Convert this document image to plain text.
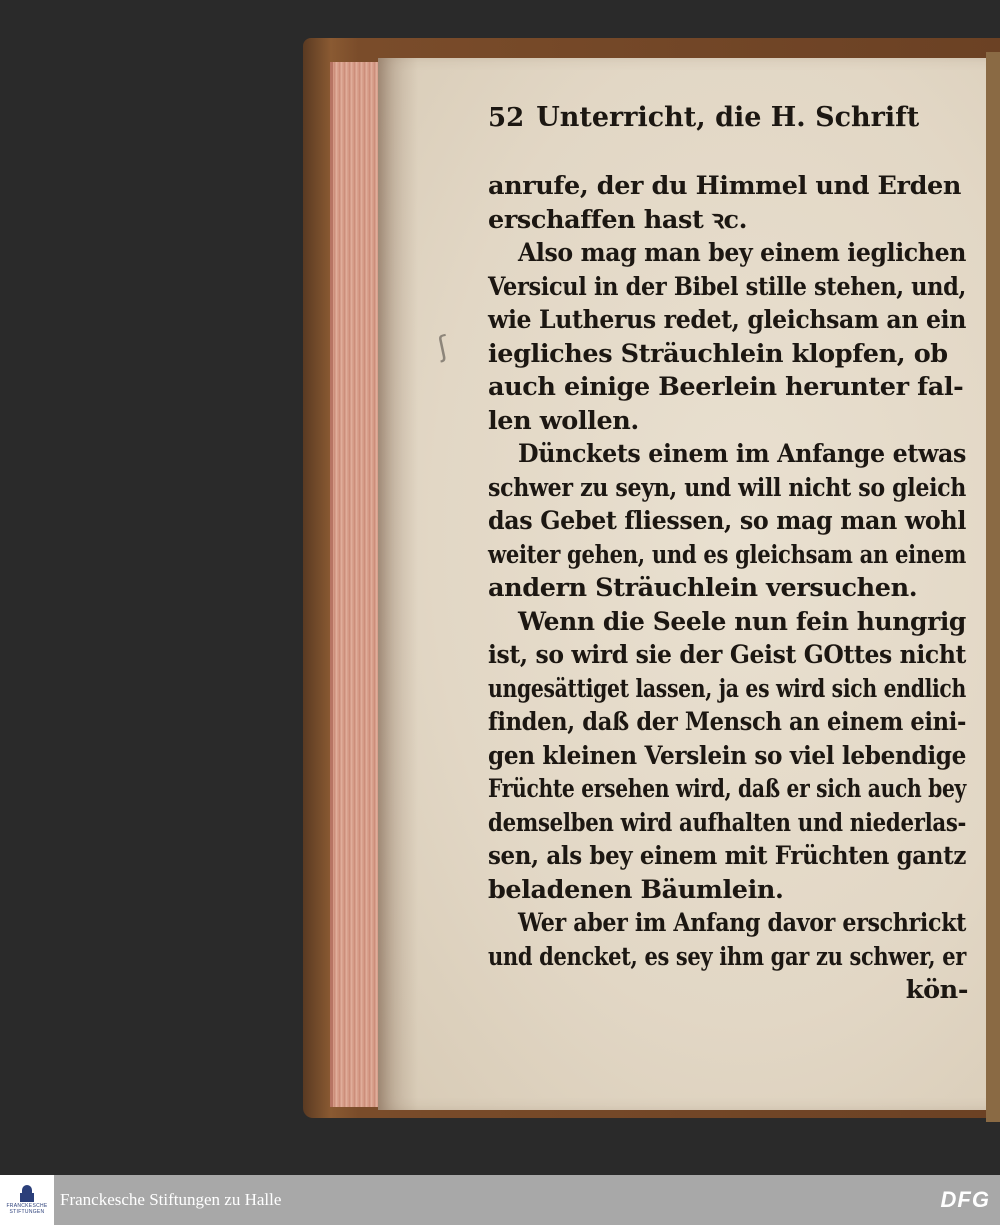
ʃ
52 Unterricht, die H. Schrift
anrufe, der du Himmel und Erden
erschaffen hast ꝛc.
Also mag man bey einem ieglichen
Versicul in der Bibel stille stehen, und,
wie Lutherus redet, gleichsam an ein
iegliches Sträuchlein klopfen, ob
auch einige Beerlein herunter fal-
len wollen.
Dünckets einem im Anfange etwas
schwer zu seyn, und will nicht so gleich
das Gebet fliessen, so mag man wohl
weiter gehen, und es gleichsam an einem
andern Sträuchlein versuchen.
Wenn die Seele nun fein hungrig
ist, so wird sie der Geist GOttes nicht
ungesättiget lassen, ja es wird sich endlich
finden, daß der Mensch an einem eini-
gen kleinen Verslein so viel lebendige
Früchte ersehen wird, daß er sich auch bey
demselben wird aufhalten und niederlas-
sen, als bey einem mit Früchten gantz
beladenen Bäumlein.
Wer aber im Anfang davor erschrickt
und dencket, es sey ihm gar zu schwer, er
kön-
FRANCKESCHE
STIFTUNGEN
Franckesche Stiftungen zu Halle	DFG
